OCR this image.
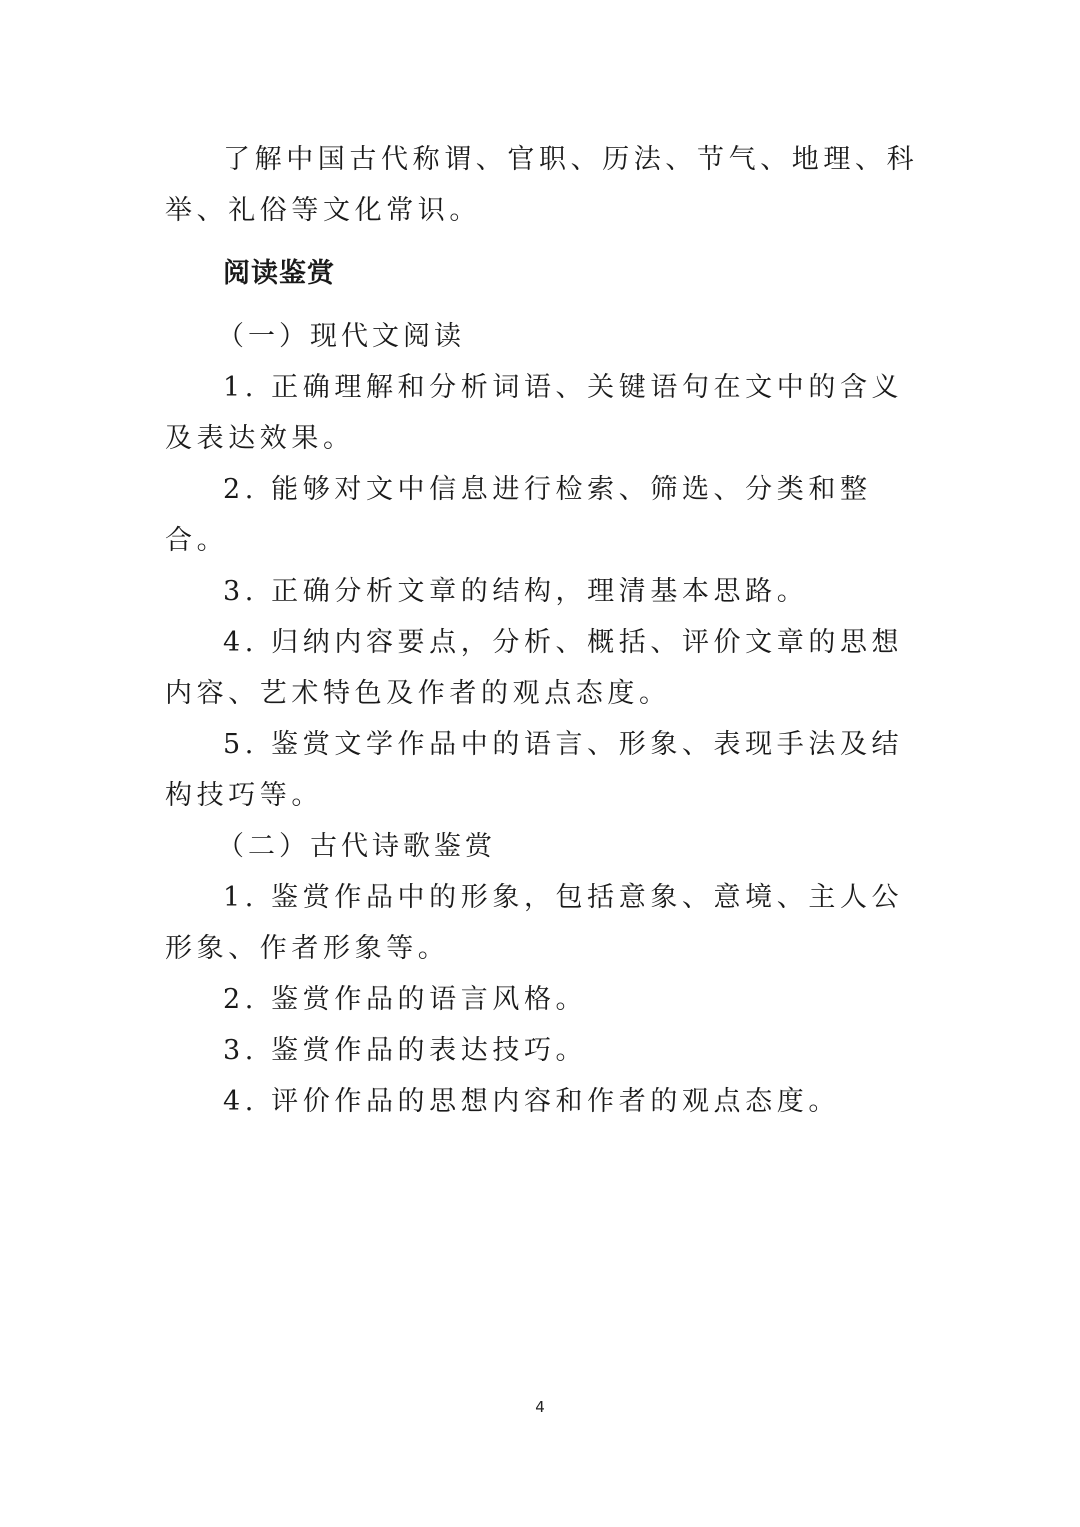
了解中国古代称谓、官职、历法、节气、地理、科举、礼俗等文化常识。

阅读鉴赏
（一）现代文阅读

1. 正确理解和分析词语、关键语句在文中的含义及表达效果。

2. 能够对文中信息进行检索、筛选、分类和整合。

3. 正确分析文章的结构，理清基本思路。

4. 归纳内容要点，分析、概括、评价文章的思想内容、艺术特色及作者的观点态度。

5. 鉴赏文学作品中的语言、形象、表现手法及结构技巧等。

（二）古代诗歌鉴赏

1. 鉴赏作品中的形象，包括意象、意境、主人公形象、作者形象等。

2. 鉴赏作品的语言风格。

3. 鉴赏作品的表达技巧。

4. 评价作品的思想内容和作者的观点态度。

4
